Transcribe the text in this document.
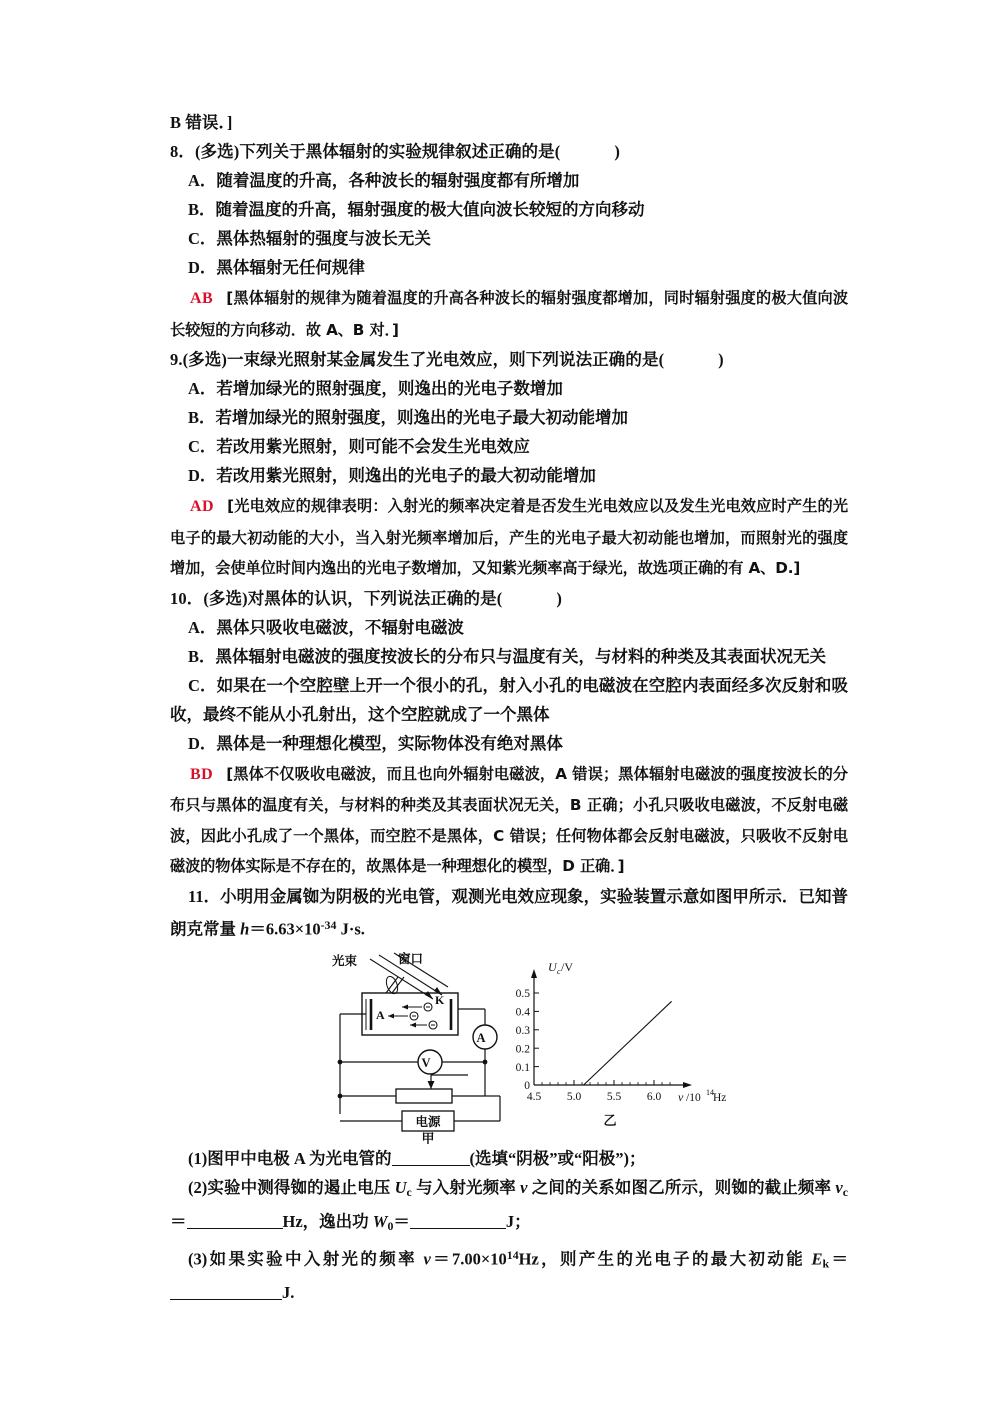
B 错误．]
8．(多选)下列关于黑体辐射的实验规律叙述正确的是(	)
A．随着温度的升高，各种波长的辐射强度都有所增加
B．随着温度的升高，辐射强度的极大值向波长较短的方向移动
C．黑体热辐射的强度与波长无关
D．黑体辐射无任何规律
AB [黑体辐射的规律为随着温度的升高各种波长的辐射强度都增加，同时辐射强度的极大值向波长较短的方向移动．故 A、B 对．]
9.(多选)一束绿光照射某金属发生了光电效应，则下列说法正确的是(	)
A．若增加绿光的照射强度，则逸出的光电子数增加
B．若增加绿光的照射强度，则逸出的光电子最大初动能增加
C．若改用紫光照射，则可能不会发生光电效应
D．若改用紫光照射，则逸出的光电子的最大初动能增加
AD [光电效应的规律表明：入射光的频率决定着是否发生光电效应以及发生光电效应时产生的光电子的最大初动能的大小，当入射光频率增加后，产生的光电子最大初动能也增加，而照射光的强度增加，会使单位时间内逸出的光电子数增加，又知紫光频率高于绿光，故选项正确的有 A、D.]
10．(多选)对黑体的认识，下列说法正确的是(	)
A．黑体只吸收电磁波，不辐射电磁波
B．黑体辐射电磁波的强度按波长的分布只与温度有关，与材料的种类及其表面状况无关
C．如果在一个空腔壁上开一个很小的孔，射入小孔的电磁波在空腔内表面经多次反射和吸收，最终不能从小孔射出，这个空腔就成了一个黑体
D．黑体是一种理想化模型，实际物体没有绝对黑体
BD [黑体不仅吸收电磁波，而且也向外辐射电磁波，A 错误；黑体辐射电磁波的强度按波长的分布只与黑体的温度有关，与材料的种类及其表面状况无关，B 正确；小孔只吸收电磁波，不反射电磁波，因此小孔成了一个黑体，而空腔不是黑体，C 错误；任何物体都会反射电磁波，只吸收不反射电磁波的物体实际是不存在的，故黑体是一种理想化的模型，D 正确．]
11．小明用金属铷为阴极的光电管，观测光电效应现象，实验装置示意如图甲所示．已知普朗克常量 $h=6.63\times 10^{-34}$ J·s.
光束	窗口
A
K
A
V
电源
甲
U c /V
0
0.1
0.2
0.3
0.4
0.5
4.5 5.0 5.5 6.0 ν /10 14 Hz
乙
(1)图甲中电极 A 为光电管的	(选填“阴极”或“阳极”)；
(2)实验中测得铷的遏止电压 $U_c$ 与入射光频率 ν 之间的关系如图乙所示，则铷的截止频率 $\nu_c=$	Hz，逸出功 $W_0=$	J；
(3)如果实验中入射光的频率 $\nu=7.00\times 10^{14}Hz$，则产生的光电子的最大初动能 $E_k=J$.
